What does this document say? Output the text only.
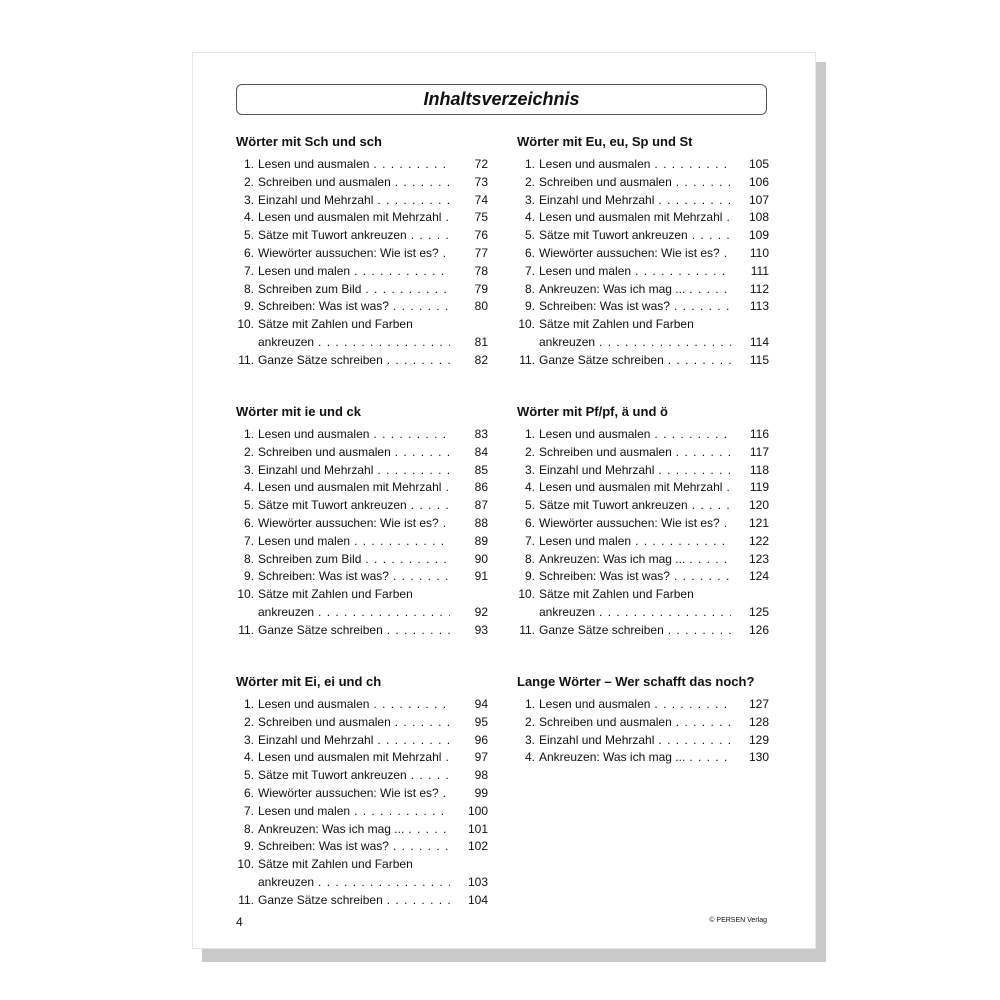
Inhaltsverzeichnis
Wörter mit Sch und sch
1. Lesen und ausmalen . . .	72
2. Schreiben und ausmalen . . .	73
3. Einzahl und Mehrzahl . . .	74
4. Lesen und ausmalen mit Mehrzahl . . .	75
5. Sätze mit Tuwort ankreuzen . . .	76
6. Wiewörter aussuchen: Wie ist es? . . .	77
7. Lesen und malen . . .	78
8. Schreiben zum Bild . . .	79
9. Schreiben: Was ist was? . . .	80
10. Sätze mit Zahlen und Farben
ankreuzen . . .	81
11. Ganze Sätze schreiben . . .	82
Wörter mit ie und ck
1. Lesen und ausmalen . . .	83
2. Schreiben und ausmalen . . .	84
3. Einzahl und Mehrzahl . . .	85
4. Lesen und ausmalen mit Mehrzahl . . .	86
5. Sätze mit Tuwort ankreuzen . . .	87
6. Wiewörter aussuchen: Wie ist es? . . .	88
7. Lesen und malen . . .	89
8. Schreiben zum Bild . . .	90
9. Schreiben: Was ist was? . . .	91
10. Sätze mit Zahlen und Farben
ankreuzen . . .	92
11. Ganze Sätze schreiben . . .	93
Wörter mit Ei, ei und ch
1. Lesen und ausmalen . . .	94
2. Schreiben und ausmalen . . .	95
3. Einzahl und Mehrzahl . . .	96
4. Lesen und ausmalen mit Mehrzahl . . .	97
5. Sätze mit Tuwort ankreuzen . . .	98
6. Wiewörter aussuchen: Wie ist es? . . .	99
7. Lesen und malen . . .	100
8. Ankreuzen: Was ich mag ... . . .	101
9. Schreiben: Was ist was? . . .	102
10. Sätze mit Zahlen und Farben
ankreuzen . . .	103
11. Ganze Sätze schreiben . . .	104
Wörter mit Eu, eu, Sp und St
1. Lesen und ausmalen . . .	105
2. Schreiben und ausmalen . . .	106
3. Einzahl und Mehrzahl . . .	107
4. Lesen und ausmalen mit Mehrzahl . . .	108
5. Sätze mit Tuwort ankreuzen . . .	109
6. Wiewörter aussuchen: Wie ist es? . . .	110
7. Lesen und malen . . .	111
8. Ankreuzen: Was ich mag ... . . .	112
9. Schreiben: Was ist was? . . .	113
10. Sätze mit Zahlen und Farben
ankreuzen . . .	114
11. Ganze Sätze schreiben . . .	115
Wörter mit Pf/pf, ä und ö
1. Lesen und ausmalen . . .	116
2. Schreiben und ausmalen . . .	117
3. Einzahl und Mehrzahl . . .	118
4. Lesen und ausmalen mit Mehrzahl . . .	119
5. Sätze mit Tuwort ankreuzen . . .	120
6. Wiewörter aussuchen: Wie ist es? . . .	121
7. Lesen und malen . . .	122
8. Ankreuzen: Was ich mag ... . . .	123
9. Schreiben: Was ist was? . . .	124
10. Sätze mit Zahlen und Farben
ankreuzen . . .	125
11. Ganze Sätze schreiben . . .	126
Lange Wörter – Wer schafft das noch?
1. Lesen und ausmalen . . .	127
2. Schreiben und ausmalen . . .	128
3. Einzahl und Mehrzahl . . .	129
4. Ankreuzen: Was ich mag ... . . .	130
4	© PERSEN Verlag
